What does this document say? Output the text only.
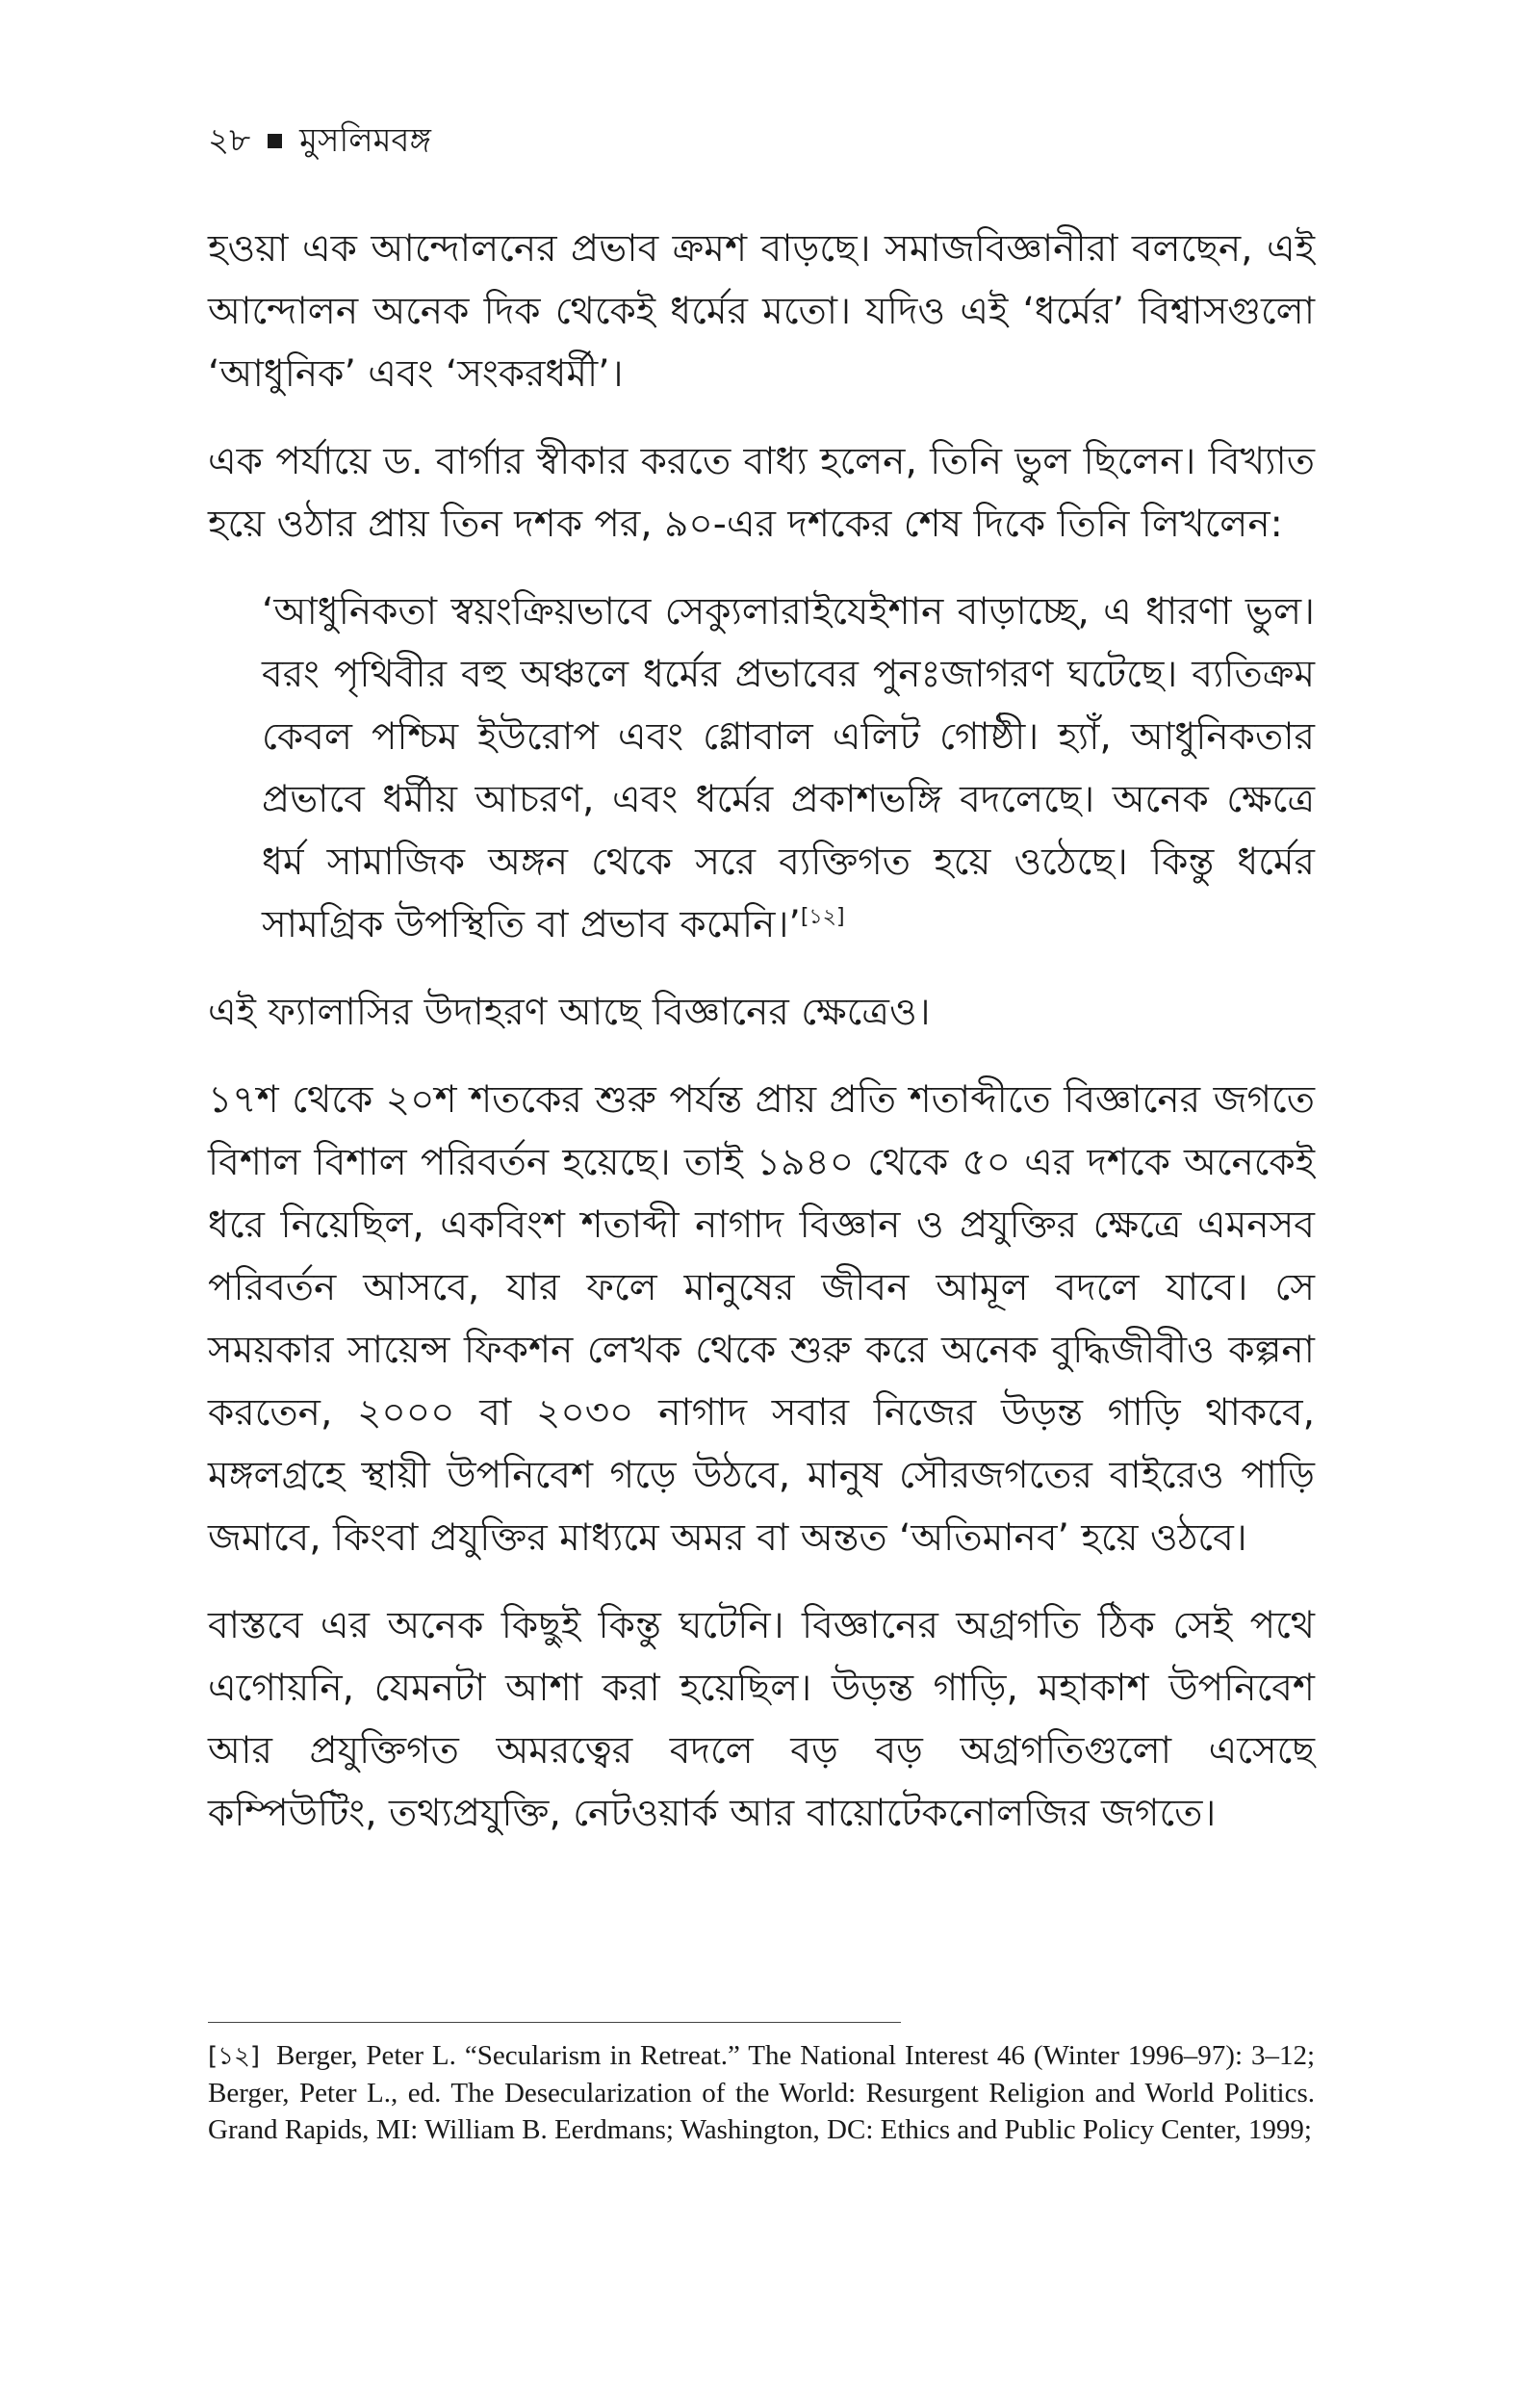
২৮ মুসলিমবঙ্গ

হওয়া এক আন্দোলনের প্রভাব ক্রমশ বাড়ছে। সমাজবিজ্ঞানীরা বলছেন, এই আন্দোলন অনেক দিক থেকেই ধর্মের মতো। যদিও এই ‘ধর্মের’ বিশ্বাসগুলো ‘আধুনিক’ এবং ‘সংকরধর্মী’।

এক পর্যায়ে ড. বার্গার স্বীকার করতে বাধ্য হলেন, তিনি ভুল ছিলেন। বিখ্যাত হয়ে ওঠার প্রায় তিন দশক পর, ৯০-এর দশকের শেষ দিকে তিনি লিখলেন:

‘আধুনিকতা স্বয়ংক্রিয়ভাবে সেক্যুলারাইযেইশান বাড়াচ্ছে, এ ধারণা ভুল। বরং পৃথিবীর বহু অঞ্চলে ধর্মের প্রভাবের পুনঃজাগরণ ঘটেছে। ব্যতিক্রম কেবল পশ্চিম ইউরোপ এবং গ্লোবাল এলিট গোষ্ঠী। হ্যাঁ, আধুনিকতার প্রভাবে ধর্মীয় আচরণ, এবং ধর্মের প্রকাশভঙ্গি বদলেছে। অনেক ক্ষেত্রে ধর্ম সামাজিক অঙ্গন থেকে সরে ব্যক্তিগত হয়ে ওঠেছে। কিন্তু ধর্মের সামগ্রিক উপস্থিতি বা প্রভাব কমেনি।’[১২]

এই ফ্যালাসির উদাহরণ আছে বিজ্ঞানের ক্ষেত্রেও।

১৭শ থেকে ২০শ শতকের শুরু পর্যন্ত প্রায় প্রতি শতাব্দীতে বিজ্ঞানের জগতে বিশাল বিশাল পরিবর্তন হয়েছে। তাই ১৯৪০ থেকে ৫০ এর দশকে অনেকেই ধরে নিয়েছিল, একবিংশ শতাব্দী নাগাদ বিজ্ঞান ও প্রযুক্তির ক্ষেত্রে এমনসব পরিবর্তন আসবে, যার ফলে মানুষের জীবন আমূল বদলে যাবে। সে সময়কার সায়েন্স ফিকশন লেখক থেকে শুরু করে অনেক বুদ্ধিজীবীও কল্পনা করতেন, ২০০০ বা ২০৩০ নাগাদ সবার নিজের উড়ন্ত গাড়ি থাকবে, মঙ্গলগ্রহে স্থায়ী উপনিবেশ গড়ে উঠবে, মানুষ সৌরজগতের বাইরেও পাড়ি জমাবে, কিংবা প্রযুক্তির মাধ্যমে অমর বা অন্তত ‘অতিমানব’ হয়ে ওঠবে।

বাস্তবে এর অনেক কিছুই কিন্তু ঘটেনি। বিজ্ঞানের অগ্রগতি ঠিক সেই পথে এগোয়নি, যেমনটা আশা করা হয়েছিল। উড়ন্ত গাড়ি, মহাকাশ উপনিবেশ আর প্রযুক্তিগত অমরত্বের বদলে বড় বড় অগ্রগতিগুলো এসেছে কম্পিউটিং, তথ্যপ্রযুক্তি, নেটওয়ার্ক আর বায়োটেকনোলজির জগতে।

[১২] Berger, Peter L. “Secularism in Retreat.” The National Interest 46 (Winter 1996–97): 3–12; Berger, Peter L., ed. The Desecularization of the World: Resurgent Religion and World Politics. Grand Rapids, MI: William B. Eerdmans; Washington, DC: Ethics and Public Policy Center, 1999;
